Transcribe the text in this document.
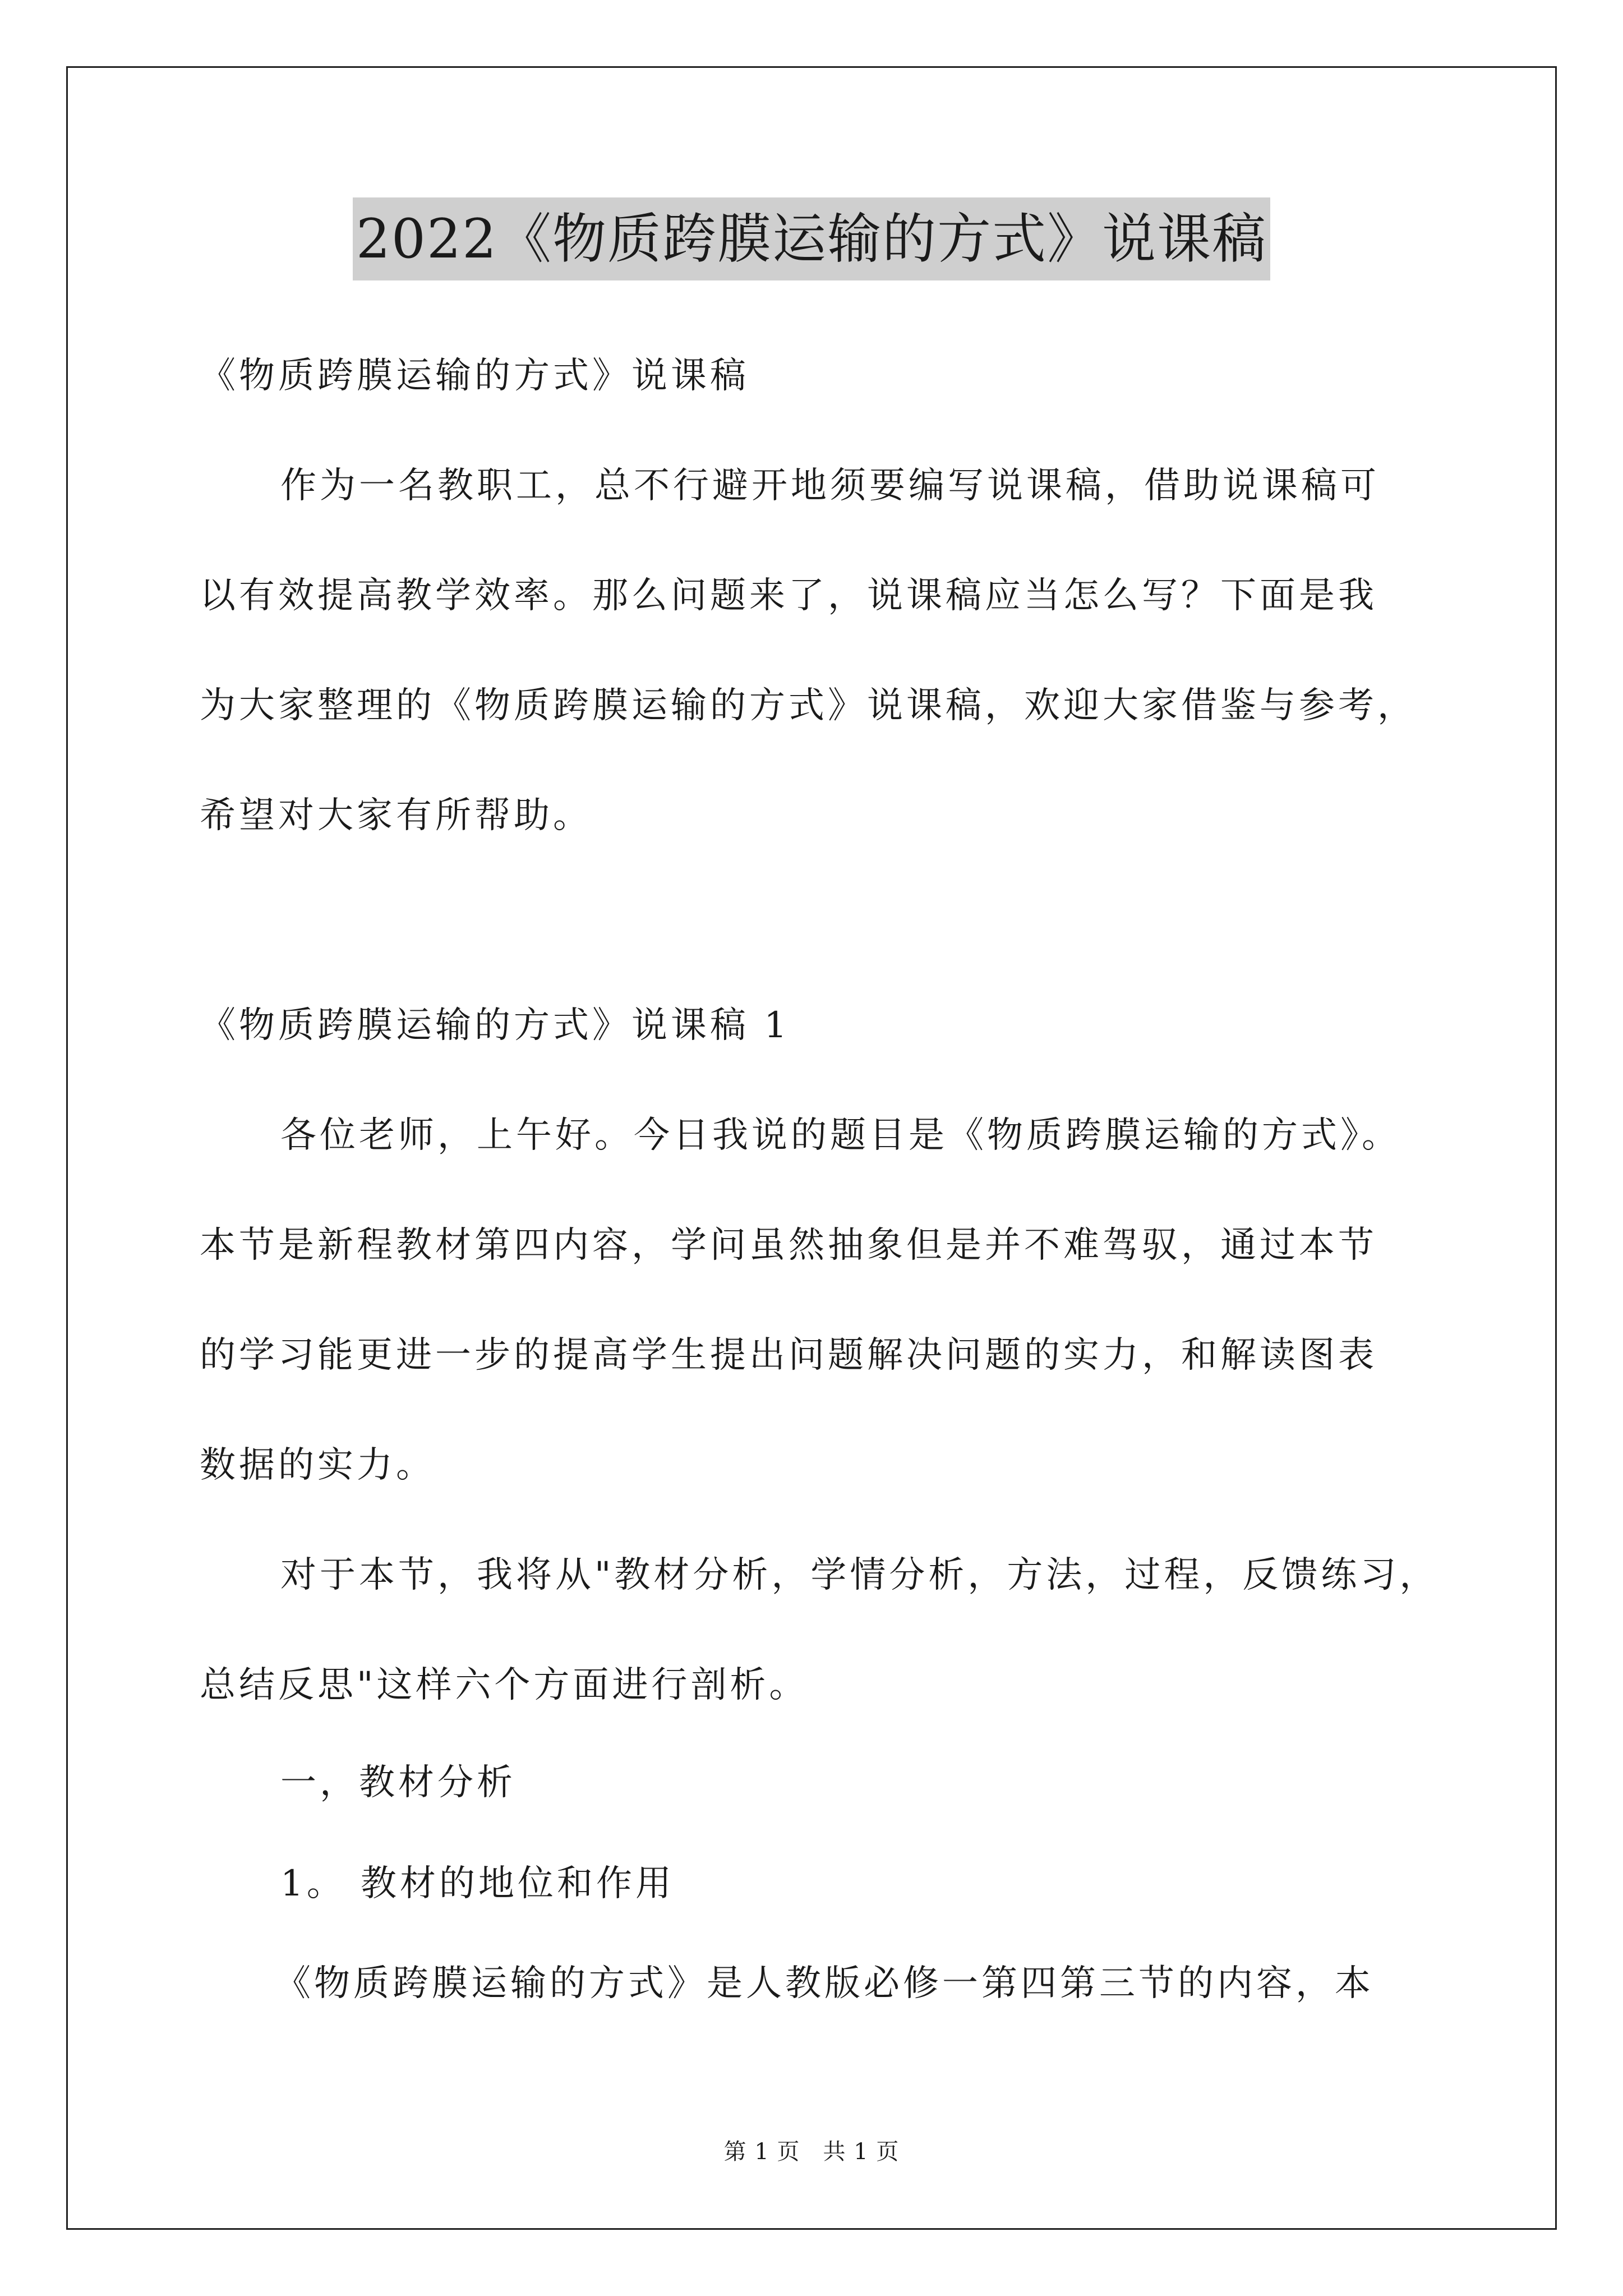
2022《物质跨膜运输的方式》说课稿
《物质跨膜运输的方式》说课稿
作为一名教职工，总不行避开地须要编写说课稿，借助说课稿可
以有效提高教学效率。那么问题来了，说课稿应当怎么写？下面是我
为大家整理的《物质跨膜运输的方式》说课稿，欢迎大家借鉴与参考，
希望对大家有所帮助。
《物质跨膜运输的方式》说课稿 1
各位老师，上午好。今日我说的题目是《物质跨膜运输的方式》。
本节是新程教材第四内容，学问虽然抽象但是并不难驾驭，通过本节
的学习能更进一步的提高学生提出问题解决问题的实力，和解读图表
数据的实力。
对于本节，我将从"教材分析，学情分析，方法，过程，反馈练习，
总结反思"这样六个方面进行剖析。
一，教材分析
1。 教材的地位和作用
《物质跨膜运输的方式》是人教版必修一第四第三节的内容，本
第 1 页　共 1 页
